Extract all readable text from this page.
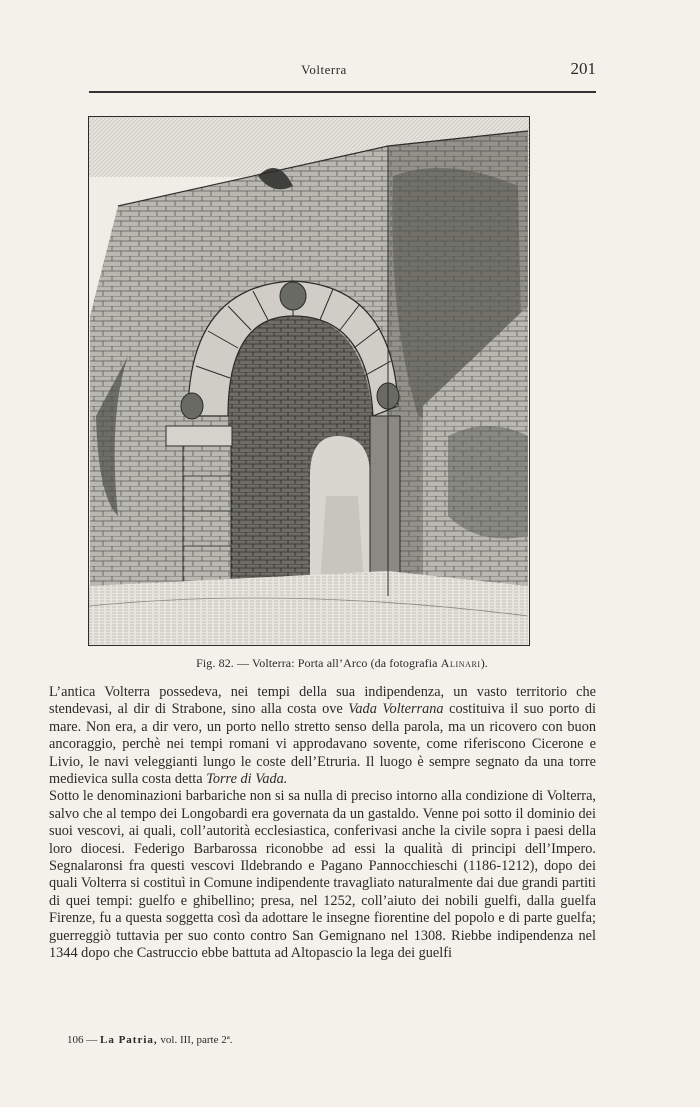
Volterra	201
Fig. 82. — Volterra: Porta all’Arco (da fotografia Alinari).

L’antica Volterra possedeva, nei tempi della sua indipendenza, un vasto territorio che stendevasi, al dir di Strabone, sino alla costa ove Vada Volterrana costituiva il suo porto di mare. Non era, a dir vero, un porto nello stretto senso della parola, ma un ricovero con buon ancoraggio, perchè nei tempi romani vi approdavano sovente, come riferiscono Cicerone e Livio, le navi veleggianti lungo le coste dell’Etruria. Il luogo è sempre segnato da una torre medievica sulla costa detta Torre di Vada.

Sotto le denominazioni barbariche non si sa nulla di preciso intorno alla condizione di Volterra, salvo che al tempo dei Longobardi era governata da un gastaldo. Venne poi sotto il dominio dei suoi vescovi, ai quali, coll’autorità ecclesiastica, conferivasi anche la civile sopra i paesi della loro diocesi. Federigo Barbarossa riconobbe ad essi la qualità di principi dell’Impero. Segnalaronsi fra questi vescovi Ildebrando e Pagano Pannocchieschi (1186-1212), dopo dei quali Volterra si costituì in Comune indipendente travagliato naturalmente dai due grandi partiti di quei tempi: guelfo e ghibellino; presa, nel 1252, coll’aiuto dei nobili guelfi, dalla guelfa Firenze, fu a questa soggetta così da adottare le insegne fiorentine del popolo e di parte guelfa; guerreggiò tuttavia per suo conto contro San Gemignano nel 1308. Riebbe indipendenza nel 1344 dopo che Castruccio ebbe battuta ad Altopascio la lega dei guelfi

106 — La Patria, vol. III, parte 2ª.
